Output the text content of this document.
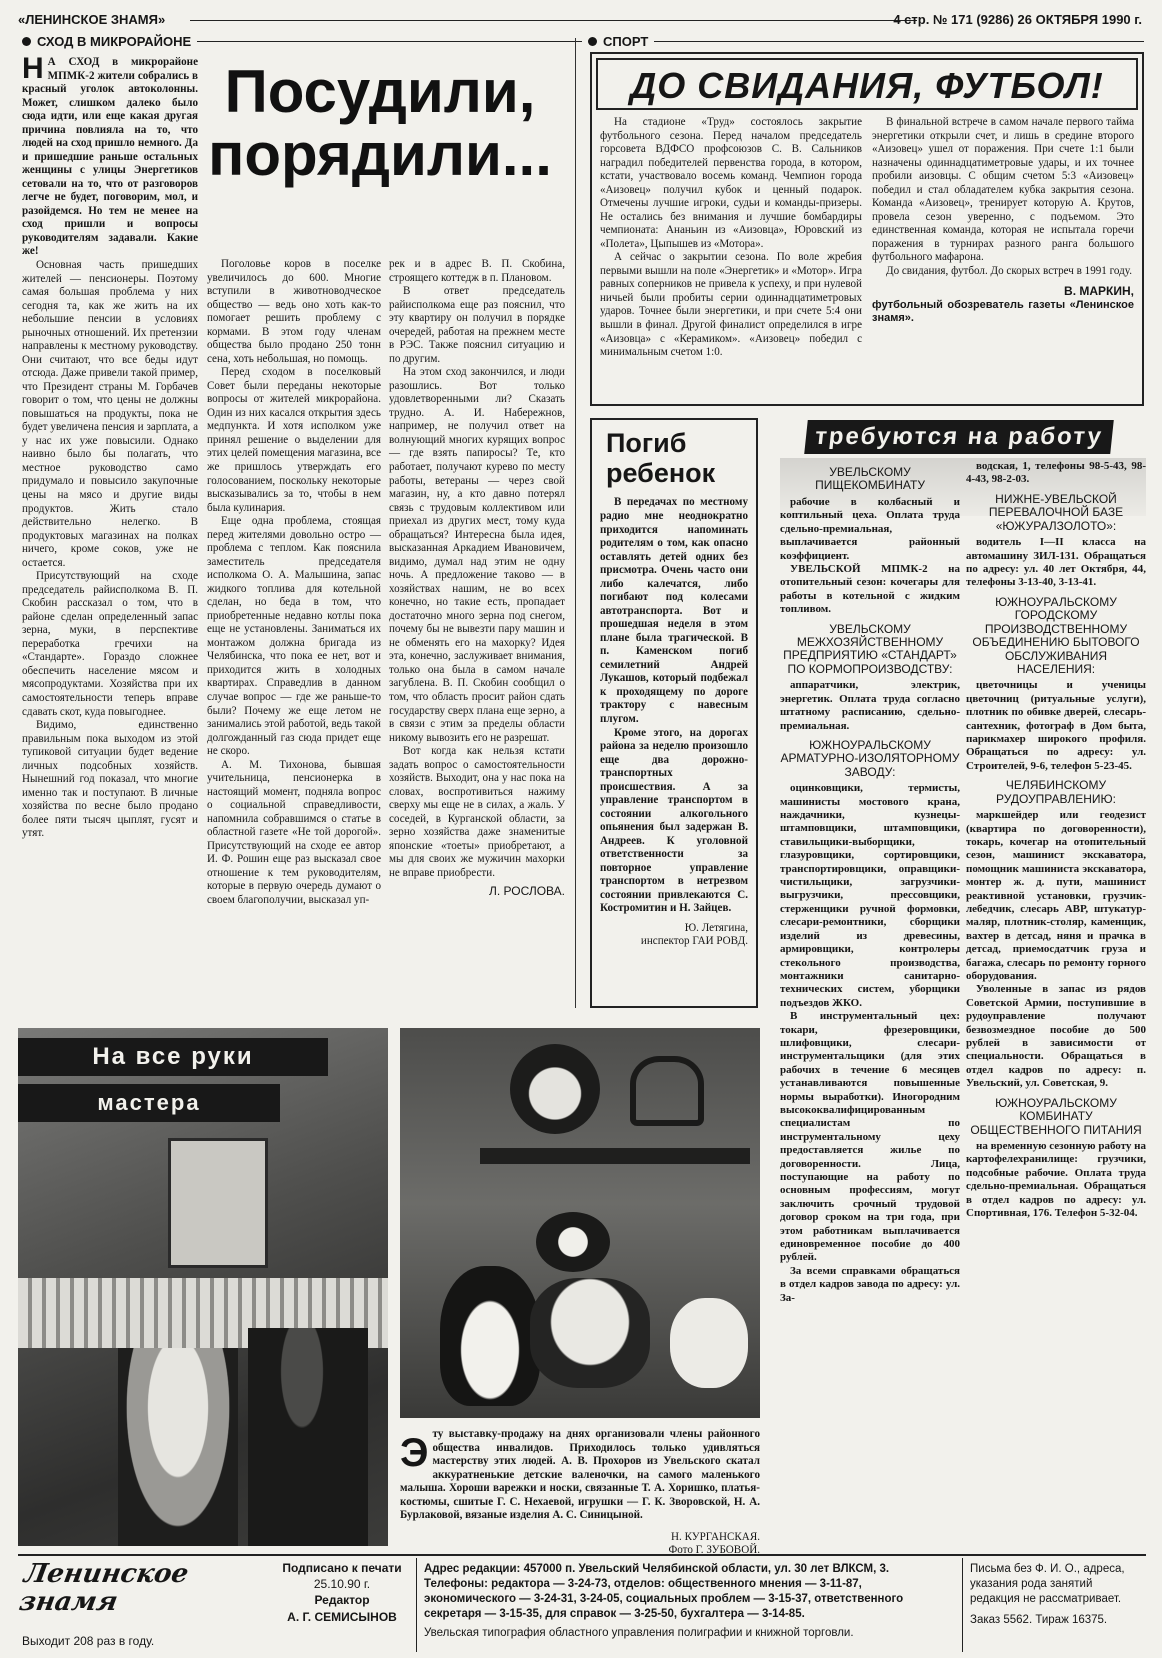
«ЛЕНИНСКОЕ ЗНАМЯ»	4 стр. № 171 (9286) 26 ОКТЯБРЯ 1990 г.
СХОД В МИКРОРАЙОНЕ

Н А СХОД в микрорайоне МПМК-2 жители собрались в красный уголок автоколонны. Может, слишком далеко было сюда идти, или еще какая другая причина повлияла на то, что людей на сход пришло немного. Да и пришедшие раньше остальных женщины с улицы Энергетиков сетовали на то, что от разговоров легче не будет, поговорим, мол, и разойдемся. Но тем не менее на сход пришли и вопросы руководителям задавали. Какие же!

Основная часть пришедших жителей — пенсионеры. Поэтому самая большая проблема у них сегодня та, как же жить на их небольшие пенсии в условиях рыночных отношений. Их претензии направлены к местному руководству. Они считают, что все беды идут отсюда. Даже привели такой пример, что Президент страны М. Горбачев говорит о том, что цены не должны повышаться на продукты, пока не будет увеличена пенсия и зарплата, а у нас их уже повысили. Однако наивно было бы полагать, что местное руководство само придумало и повысило закупочные цены на мясо и другие виды продуктов. Жить стало действительно нелегко. В продуктовых магазинах на полках ничего, кроме соков, уже не остается.

Присутствующий на сходе председатель райисполкома В. П. Скобин рассказал о том, что в районе сделан определенный запас зерна, муки, в перспективе переработка гречихи на «Стандарте». Гораздо сложнее обеспечить население мясом и мясопродуктами. Хозяйства при их самостоятельности теперь вправе сдавать скот, куда повыгоднее.

Видимо, единственно правильным пока выходом из этой тупиковой ситуации будет ведение личных подсобных хозяйств. Нынешний год показал, что многие именно так и поступают. В личные хозяйства по весне было продано более пяти тысяч цыплят, гусят и утят.

Посудили, порядили...

Поголовье коров в поселке увеличилось до 600. Многие вступили в животноводческое общество — ведь оно хоть как-то помогает решить проблему с кормами. В этом году членам общества было продано 250 тонн сена, хоть небольшая, но помощь.

Перед сходом в поселковый Совет были переданы некоторые вопросы от жителей микрорайона. Один из них касался открытия здесь медпункта. И хотя исполком уже принял решение о выделении для этих целей помещения магазина, все же пришлось утверждать его голосованием, поскольку некоторые высказывались за то, чтобы в нем была кулинария.

Еще одна проблема, стоящая перед жителями довольно остро — проблема с теплом. Как пояснила заместитель председателя исполкома О. А. Малышина, запас жидкого топлива для котельной сделан, но беда в том, что приобретенные недавно котлы пока еще не установлены. Заниматься их монтажом должна бригада из Челябинска, что пока ее нет, вот и приходится жить в холодных квартирах. Справедлив в данном случае вопрос — где же раньше-то были? Почему же еще летом не занимались этой работой, ведь такой долгожданный газ сюда придет еще не скоро.

А. М. Тихонова, бывшая учительница, пенсионерка в настоящий момент, подняла вопрос о социальной справедливости, напомнила собравшимся о статье в областной газете «Не той дорогой». Присутствующий на сходе ее автор И. Ф. Рошин еще раз высказал свое отношение к тем руководителям, которые в первую очередь думают о своем благополучии, высказал уп-

рек и в адрес В. П. Скобина, строящего коттедж в п. Плановом.

В ответ председатель райисполкома еще раз пояснил, что эту квартиру он получил в порядке очередей, работая на прежнем месте в РЭС. Также пояснил ситуацию и по другим.

На этом сход закончился, и люди разошлись. Вот только удовлетворенными ли? Сказать трудно. А. И. Набережнов, например, не получил ответ на волнующий многих курящих вопрос — где взять папиросы? Те, кто работает, получают курево по месту работы, ветераны — через свой магазин, ну, а кто давно потерял связь с трудовым коллективом или приехал из других мест, тому куда обращаться? Интересна была идея, высказанная Аркадием Ивановичем, видимо, думал над этим не одну ночь. А предложение таково — в хозяйствах нашим, не во всех конечно, но такие есть, пропадает достаточно много зерна под снегом, почему бы не вывезти пару машин и не обменять его на махорку? Идея эта, конечно, заслуживает внимания, только она была в самом начале загублена. В. П. Скобин сообщил о том, что область просит район сдать государству сверх плана еще зерно, а в связи с этим за пределы области никому вывозить его не разрешат.

Вот когда как нельзя кстати задать вопрос о самостоятельности хозяйств. Выходит, она у нас пока на словах, воспротивиться нажиму сверху мы еще не в силах, а жаль. У соседей, в Курганской области, за зерно хозяйства даже знаменитые японские «тоеты» приобретают, а мы для своих же мужичин махорки не вправе приобрести.

Л. РОСЛОВА.

СПОРТ
ДО СВИДАНИЯ, ФУТБОЛ!

На стадионе «Труд» состоялось закрытие футбольного сезона. Перед началом председатель горсовета ВДФСО профсоюзов С. В. Сальников наградил победителей первенства города, в котором, кстати, участвовало восемь команд. Чемпион города «Аизовец» получил кубок и ценный подарок. Отмечены лучшие игроки, судьи и команды-призеры. Не остались без внимания и лучшие бомбардиры чемпионата: Ананьин из «Аизовца», Юровский из «Полета», Цыпышев из «Мотора».

А сейчас о закрытии сезона. По воле жребия первыми вышли на поле «Энергетик» и «Мотор». Игра равных соперников не привела к успеху, и при нулевой ничьей были пробиты серии одиннадцатиметровых ударов. Точнее были энергетики, и при счете 5:4 они вышли в финал. Другой финалист определился в игре «Аизовца» с «Керамиком». «Аизовец» победил с минимальным счетом 1:0.

В финальной встрече в самом начале первого тайма энергетики открыли счет, и лишь в средине второго «Аизовец» ушел от поражения. При счете 1:1 были назначены одиннадцатиметровые удары, и их точнее пробили аизовцы. С общим счетом 5:3 «Аизовец» победил и стал обладателем кубка закрытия сезона. Команда «Аизовец», тренирует которую А. Крутов, провела сезон уверенно, с подъемом. Это единственная команда, которая не испытала горечи поражения в турнирах разного ранга большого футбольного мафарона.

До свидания, футбол. До скорых встреч в 1991 году.

В. МАРКИН,

футбольный обозреватель газеты «Ленинское знамя».

Погиб
ребенок

В передачах по местному радио мне неоднократно приходится напоминать родителям о том, как опасно оставлять детей одних без присмотра. Очень часто они либо калечатся, либо погибают под колесами автотранспорта. Вот и прошедшая неделя в этом плане была трагической. В п. Каменском погиб семилетний Андрей Лукашов, который подбежал к проходящему по дороге трактору с навесным плугом.

Кроме этого, на дорогах района за неделю произошло еще два дорожно-транспортных происшествия. А за управление транспортом в состоянии алкогольного опьянения был задержан В. Андреев. К уголовной ответственности за повторное управление транспортом в нетрезвом состоянии привлекаются С. Костромитин и Н. Зайцев.

Ю. Летягина,

инспектор ГАИ РОВД.

требуются на работу
УВЕЛЬСКОМУ ПИЩЕКОМБИНАТУ

рабочие в колбасный и коптильный цеха. Оплата труда сдельно-премиальная, выплачивается районный коэффициент.

УВЕЛЬСКОЙ МПМК-2 на отопительный сезон: кочегары для работы в котельной с жидким топливом.

УВЕЛЬСКОМУ МЕЖХОЗЯЙСТВЕННОМУ ПРЕДПРИЯТИЮ «СТАНДАРТ» ПО КОРМОПРОИЗВОДСТВУ:

аппаратчики, электрик, энергетик. Оплата труда согласно штатному расписанию, сдельно-премиальная.

ЮЖНОУРАЛЬСКОМУ АРМАТУРНО-ИЗОЛЯТОРНОМУ ЗАВОДУ:

оцинковщики, термисты, машинисты мостового крана, наждачники, кузнецы-штамповщики, штамповщики, ставильщики-выборщики, глазуровщики, сортировщики, транспортировщики, оправщики-чистильщики, загрузчики-выгрузчики, прессовщики, стерженщики ручной формовки, слесари-ремонтники, сборщики изделий из древесины, армировщики, контролеры стекольного производства, монтажники санитарно-технических систем, уборщики подъездов ЖКО.

В инструментальный цех: токари, фрезеровщики, шлифовщики, слесари-инструментальщики (для этих рабочих в течение 6 месяцев устанавливаются повышенные нормы выработки). Иногородним высококвалифицированным специалистам по инструментальному цеху предоставляется жилье по договоренности. Лица, поступающие на работу по основным профессиям, могут заключить срочный трудовой договор сроком на три года, при этом работникам выплачивается единовременное пособие до 400 рублей.

За всеми справками обращаться в отдел кадров завода по адресу: ул. За-

водская, 1, телефоны 98-5-43, 98-4-43, 98-2-03.

НИЖНЕ-УВЕЛЬСКОЙ ПЕРЕВАЛОЧНОЙ БАЗЕ «ЮЖУРАЛЗОЛОТО»:

водитель I—II класса на автомашину ЗИЛ-131. Обращаться по адресу: ул. 40 лет Октября, 44, телефоны 3-13-40, 3-13-41.

ЮЖНОУРАЛЬСКОМУ ГОРОДСКОМУ ПРОИЗВОДСТВЕННОМУ ОБЪЕДИНЕНИЮ БЫТОВОГО ОБСЛУЖИВАНИЯ НАСЕЛЕНИЯ:

цветочницы и ученицы цветочниц (ритуальные услуги), плотник по обивке дверей, слесарь-сантехник, фотограф в Дом быта, парикмахер широкого профиля. Обращаться по адресу: ул. Строителей, 9-6, телефон 5-23-45.

ЧЕЛЯБИНСКОМУ РУДОУПРАВЛЕНИЮ:

маркшейдер или геодезист (квартира по договоренности), токарь, кочегар на отопительный сезон, машинист экскаватора, помощник машиниста экскаватора, монтер ж. д. пути, машинист реактивной установки, грузчик-лебедчик, слесарь АВР, штукатур-маляр, плотник-столяр, каменщик, вахтер в детсад, няня и прачка в детсад, приемосдатчик груза и багажа, слесарь по ремонту горного оборудования.

Уволенные в запас из рядов Советской Армии, поступившие в рудоуправление получают безвозмездное пособие до 500 рублей в зависимости от специальности. Обращаться в отдел кадров по адресу: п. Увельский, ул. Советская, 9.

ЮЖНОУРАЛЬСКОМУ КОМБИНАТУ ОБЩЕСТВЕННОГО ПИТАНИЯ

на временную сезонную работу на картофелехранилище: грузчики, подсобные рабочие. Оплата труда сдельно-премиальная. Обращаться в отдел кадров по адресу: ул. Спортивная, 176. Телефон 5-32-04.

На все руки
мастера
Э ту выставку-продажу на днях организовали члены районного общества инвалидов. Приходилось только удивляться мастерству этих людей. А. В. Прохоров из Увельского скатал аккуратненькие детские валеночки, на самого маленького малыша. Хороши варежки и носки, связанные Т. А. Хоришко, платья-костюмы, сшитые Г. С. Нехаевой, игрушки — Г. К. Зворовской, Н. А. Бурлаковой, вязаные изделия А. С. Синицыной.

Н. КУРГАНСКАЯ.

Фото Г. ЗУБОВОЙ.

Ленинское знамя
Выходит 208 раз в году.
Подписано к печати
25.10.90 г.
Редактор
А. Г. СЕМИСЫНОВ
Адрес редакции: 457000 п. Увельский Челябинской области, ул. 30 лет ВЛКСМ, 3. Телефоны: редактора — 3-24-73, отделов: общественного мнения — 3-11-87, экономического — 3-24-31, 3-24-05, социальных проблем — 3-15-37, ответственного секретаря — 3-15-35, для справок — 3-25-50, бухгалтера — 3-14-85.
Увельская типография областного управления полиграфии и книжной торговли.
Письма без Ф. И. О., адреса, указания рода занятий редакция не рассматривает.
Заказ 5562. Тираж 16375.
